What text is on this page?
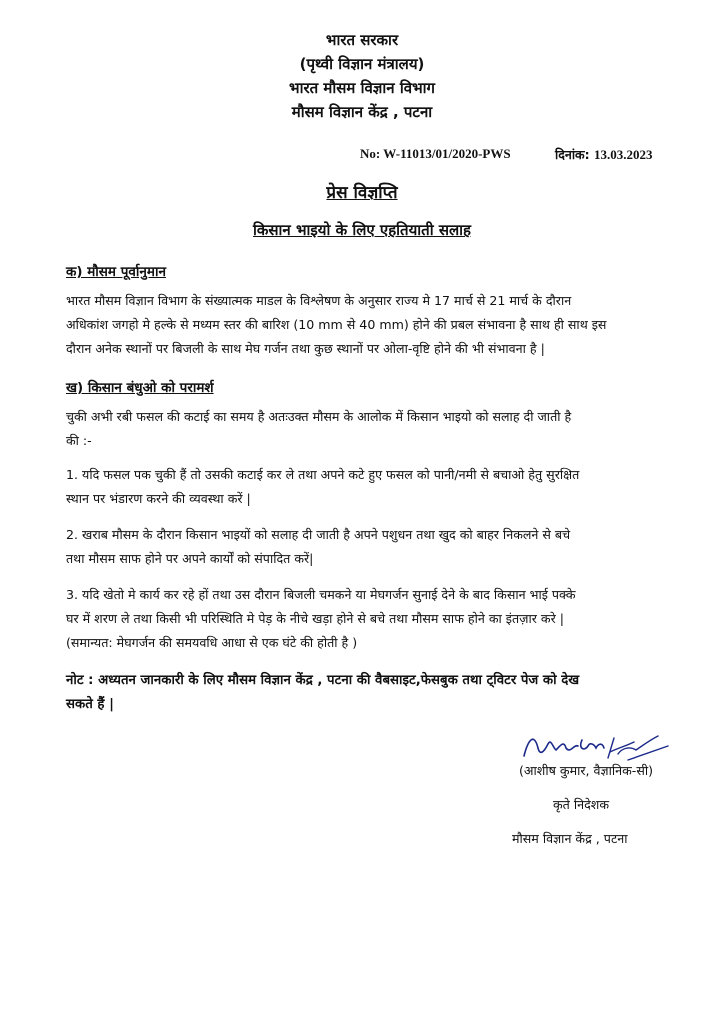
भारत सरकार
(पृथ्वी विज्ञान मंत्रालय)
भारत मौसम विज्ञान विभाग
मौसम विज्ञान केंद्र , पटना
No: W-11013/01/2020-PWS	दिनांक: 13.03.2023
प्रेस विज्ञप्ति
किसान भाइयो के लिए एहतियाती सलाह
क) मौसम पूर्वानुमान
भारत मौसम विज्ञान विभाग के संख्यात्मक माडल के विश्लेषण के अनुसार राज्य मे 17 मार्च से 21 मार्च के दौरान
अधिकांश जगहो मे हल्के से मध्यम स्तर की बारिश (10 mm से 40 mm) होने की प्रबल संभावना है साथ ही साथ इस
दौरान अनेक स्थानों पर बिजली के साथ मेघ गर्जन तथा कुछ स्थानों पर ओला-वृष्टि होने की भी संभावना है |
ख) किसान बंधुओ को परामर्श
चुकी अभी रबी फसल की कटाई का समय है अतःउक्त मौसम के आलोक में किसान भाइयो को सलाह दी जाती है
की :-
1. यदि फसल पक चुकी हैं तो उसकी कटाई कर ले तथा अपने कटे हुए फसल को पानी/नमी से बचाओ हेतु सुरक्षित
स्थान पर भंडारण करने की व्यवस्था करें |
2. खराब मौसम के दौरान किसान भाइयों को सलाह दी जाती है अपने पशुधन तथा खुद को बाहर निकलने से बचे
तथा मौसम साफ होने पर अपने कार्यों को संपादित करें|
3. यदि खेतो मे कार्य कर रहे हों तथा उस दौरान बिजली चमकने या मेघगर्जन सुनाई देने के बाद किसान भाई पक्के
घर में शरण ले तथा किसी भी परिस्थिति मे पेड़ के नीचे खड़ा होने से बचे तथा मौसम साफ होने का इंतज़ार करे |
(समान्यत: मेघगर्जन की समयवधि आधा से एक घंटे की होती है )
नोट : अध्यतन जानकारी के लिए मौसम विज्ञान केंद्र , पटना की वैबसाइट,फेसबुक तथा ट्विटर पेज को देख
सकते हैं |
(आशीष कुमार, वैज्ञानिक-सी)
कृते निदेशक
मौसम विज्ञान केंद्र , पटना
